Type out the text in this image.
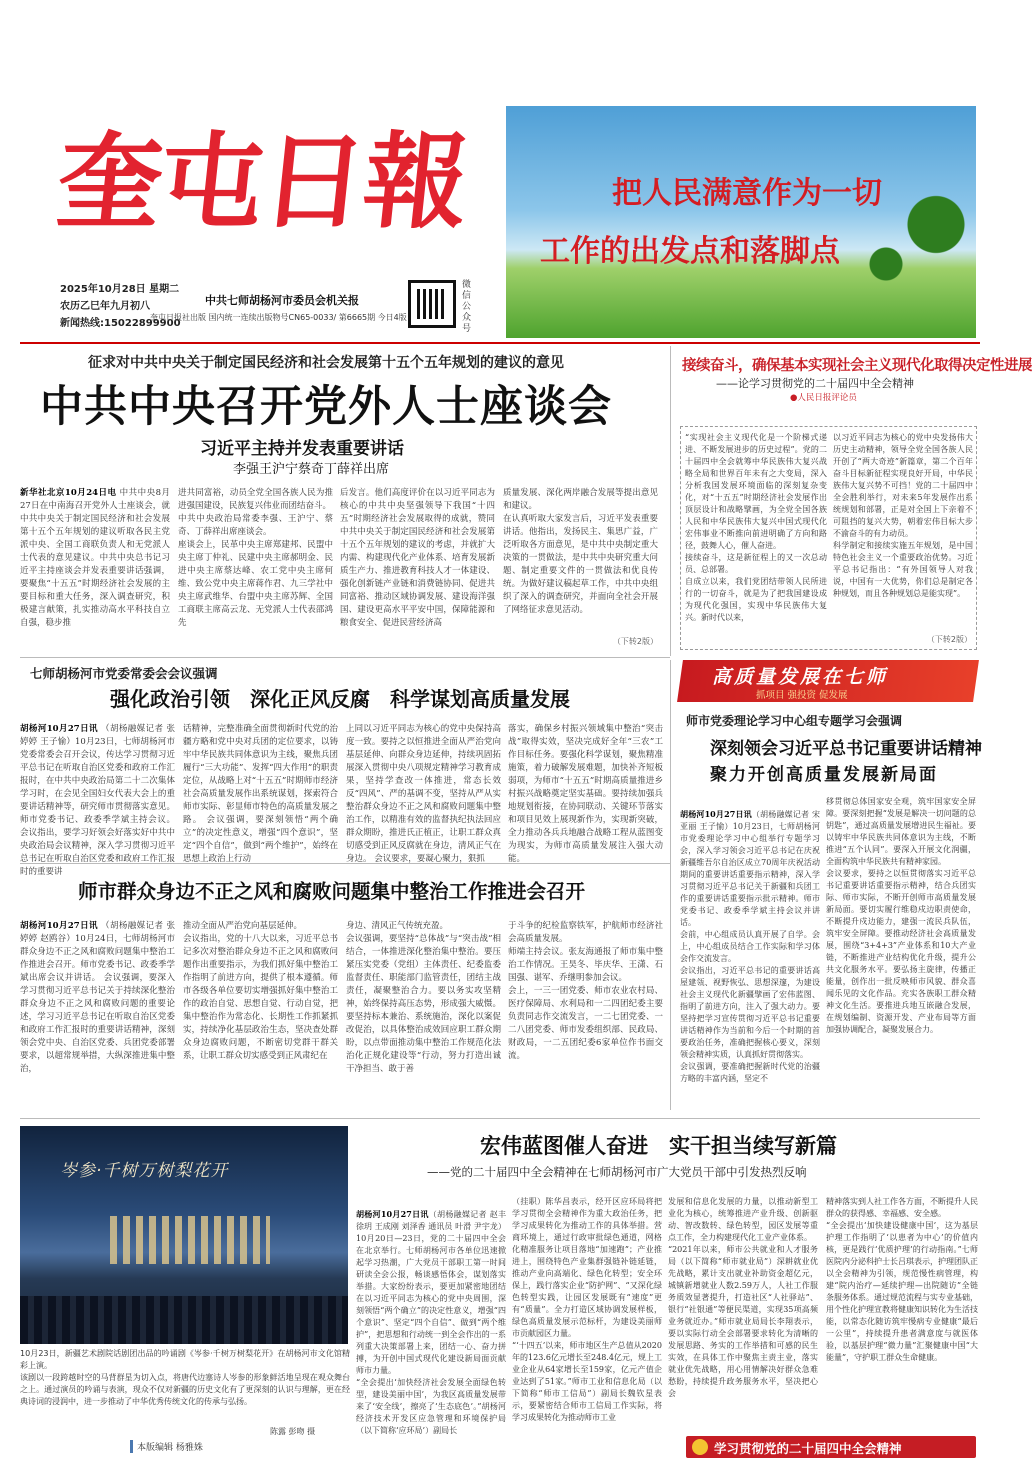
奎屯日報
2025年10月28日 星期二
农历乙巳年九月初八
新闻热线:15022899900
中共七师胡杨河市委员会机关报
奎屯日报社出版 国内统一连续出版物号CN65-0033/ 第6665期 今日4版
微信公众号
把人民满意作为一切
工作的出发点和落脚点
征求对中共中央关于制定国民经济和社会发展第十五个五年规划的建议的意见
中共中央召开党外人士座谈会
习近平主持并发表重要讲话
李强王沪宁蔡奇丁薛祥出席
新华社北京10月24日电 中共中央8月27日在中南海召开党外人士座谈会，就中共中央关于制定国民经济和社会发展第十五个五年规划的建议听取各民主党派中央、全国工商联负责人和无党派人士代表的意见建议。中共中央总书记习近平主持座谈会并发表重要讲话强调，要聚焦“十五五”时期经济社会发展的主要目标和重大任务，深入调查研究，积极建言献策，扎实推动高水平科技自立自强，稳步推
进共同富裕，动员全党全国各族人民为推进强国建设，民族复兴伟业而团结奋斗。
中共中央政治局常委李强、王沪宁、蔡奇、丁薛祥出席座谈会。
座谈会上，民革中央主席郑建邦、民盟中央主席丁仲礼、民建中央主席郝明金、民进中央主席蔡达峰、农工党中央主席何维、致公党中央主席蒋作君、九三学社中央主席武维华、台盟中央主席苏辉、全国工商联主席高云龙、无党派人士代表邵鸿先
后发言。他们高度评价在以习近平同志为核心的中共中央坚强领导下我国“十四五”时期经济社会发展取得的成就，赞同中共中央关于制定国民经济和社会发展第十五个五年规划的建议的考虑，并就扩大内需、构建现代化产业体系、培育发展新质生产力、推进教育科技人才一体建设、强化创新链产业链和消费链协同、促进共同富裕、推动区域协调发展、建设海洋强国、建设更高水平平安中国，保障能源和粮食安全、促进民营经济高
质量发展、深化两岸融合发展等提出意见和建议。
在认真听取大家发言后，习近平发表重要讲话。他指出，发扬民主、集思广益，广泛听取各方面意见，是中共中央制定重大决策的一贯做法，是中共中央研究重大问题、制定重要文件的一贯做法和优良传统。为做好建议稿起草工作，中共中央组织了深入的调查研究，并面向全社会开展了网络征求意见活动。
（下转2版）
接续奋斗，确保基本实现社会主义现代化取得决定性进展
——论学习贯彻党的二十届四中全会精神
●人民日报评论员
“实现社会主义现代化是一个阶梯式递进、不断发展进步的历史过程”。党的二十届四中全会就筹中华民族伟大复兴战略全局和世界百年未有之大变局，深入分析我国发展环境面临的深刻复杂变化，对“十五五”时期经济社会发展作出顶层设计和战略擘画，为全党全国各族人民和中华民族伟大复兴中国式现代化宏伟事业不断推向前进明确了方向和路径，鼓舞人心，催人奋进。
接续奋斗，这是新征程上的又一次总动员、总部署。
自成立以来，我们党团结带领人民所进行的一切奋斗，就是为了把我国建设成为现代化强国，实现中华民族伟大复兴。新时代以来，
以习近平同志为核心的党中央发扬伟大历史主动精神，领导全党全国各族人民开创了“两大奇迹”新篇章，第二个百年奋斗目标新征程实现良好开局，中华民族伟大复兴势不可挡！党的二十届四中全会胜利举行，对未来5年发展作出系统规划和部署，正是对全国上下亲着不可阻挡的复兴大势，朝着宏伟目标大步不渝奋斗的有力动员。
科学制定和接续实施五年规划，是中国特色社会主义一个重要政治优势。习近平总书记指出：“有外国领导人对我说，中国有一大优势，你们总是制定各种规划，而且各种规划总是能实现”。
（下转2版）
七师胡杨河市党委常委会会议强调
强化政治引领　深化正风反腐　科学谋划高质量发展
胡杨河10月27日讯 （胡杨融媒记者 张婷婷 王子愉）10月23日，七师胡杨河市党委常委会召开会议，传达学习贯彻习近平总书记在听取自治区党委和政府工作汇报时，在中共中央政治局第二十二次集体学习时，在会见全国妇女代表大会上的重要讲话精神等，研究师市贯彻落实意见。师市党委书记、政委季学斌主持会议。 会议指出，要学习好领会好落实好中共中央政治局会议精神，深入学习贯彻习近平总书记在听取自治区党委和政府工作汇报时的重要讲
话精神，完整准确全面贯彻新时代党的治疆方略和党中央对兵团的定位要求，以铸牢中华民族共同体意识为主线，聚焦兵团履行“三大功能”、发挥“四大作用”的职责定位，从战略上对“十五五”时期师市经济社会高质量发展作出系统谋划，探索符合师市实际、彰显师市特色的高质量发展之路。 会议强调，要深刻领悟“两个确立”的决定性意义，增强“四个意识”，坚定“四个自信”，做到“两个维护”，始终在思想上政治上行动
上同以习近平同志为核心的党中央保持高度一致。要持之以恒推进全面从严治党向基层延伸、向群众身边延伸，持续巩固拓展深入贯彻中央八项规定精神学习教育成果，坚持学查改一体推进，常态长效反“四风”、严的基调不变，坚持从严从实整治群众身边不正之风和腐败问题集中整治工作，以精准有效的监督执纪执法回应群众期盼，推进氏正植正，让职工群众真切感受到正风反腐就在身边，清风正气在身边。 会议要求，要凝心聚力，狠抓
落实，确保乡村振兴领域集中整治“突击战”取得实效，坚决完成好全年“三农”工作目标任务。要强化科学谋划，聚焦精准施策，着力破解发展难题，加快补齐短板弱项，为师市“十五五”时期高质量推进乡村振兴战略奠定坚实基础。要持续加强兵地规划衔接，在协同联动、关键环节落实和项目见效上展现新作为，实现新突破，全力推动各兵兵地融合战略工程从蓝图变为现实，为师市高质量发展注入强大动能。
师市群众身边不正之风和腐败问题集中整治工作推进会召开
胡杨河10月27日讯 （胡杨融媒记者 张婷婷 赵鸥谷）10月24日，七师胡杨河市群众身边不正之风和腐败问题集中整治工作推进会召开。师市党委书记、政委季学斌出席会议并讲话。 会议强调，要深入学习贯彻习近平总书记关于持续深化整治群众身边不正之风和腐败问题的重要论述，学习习近平总书记在听取自治区党委和政府工作汇报时的重要讲话精神，深刻领会党中央、自治区党委、兵团党委部署要求，以超常规举措，大纵深推进集中整治，
推动全面从严治党向基层延伸。
会议指出，党的十八大以来，习近平总书记多次对整治群众身边不正之风和腐败问题作出重要指示，为我们抓好集中整治工作指明了前进方向，提供了根本遵循。师市各级各单位要切实增强抓好集中整治工作的政治自觉、思想自觉、行动自觉，把集中整治作为常态化、长期性工作抓紧抓实，持续净化基层政治生态，坚决查处群众身边腐败问题，不断密切党群干群关系，让职工群众切实感受到正风肃纪在
身边、清风正气传统充盈。
会议强调，要坚持“总体战”与“突击战”相结合，一体推进深化整治集中整治。要压紧压实党委（党组）主体责任、纪委监委监督责任、职能部门监管责任，团结主战责任，凝聚整治合力。要以务实攻坚精神，始终保持高压态势，形成强大威慑。要坚持标本兼治、系统施治，深化以案促改促治，以具体整治成效回应职工群众期盼，以点带面推动集中整治工作规范化法治化正规化建设等“行动，努力打造出诚干净担当、敢于善
于斗争的纪检监察铁军，护航师市经济社会高质量发展。
师端主持会议。张友海通报了师市集中整治工作情况。王昊冬、毕庆华、王潇、石国强、谌军、乔继明参加会议。
会上，一三一团党委、师市农业农村局、医疗保障局、水利局和一二四团纪委主要负责同志作交流发言，一二七团党委、一二八团党委、师市发委组织部、民政局、财政局，一二五团纪委6家单位作书面交流。
高质量发展在七师
抓项目 强投资 促发展
师市党委理论学习中心组专题学习会强调
深刻领会习近平总书记重要讲话精神
聚力开创高质量发展新局面

胡杨河10月27日讯（胡杨融媒记者 宋亚丽 王子愉）10月23日，七师胡杨河市党委理论学习中心组举行专题学习会，深入学习领会习近平总书记在庆祝新疆维吾尔自治区成立70周年庆祝活动期间的重要讲话重要指示精神，深入学习贯彻习近平总书记关于新疆和兵团工作的重要讲话重要指示批示精神。师市党委书记、政委季学斌主持会议并讲话。
会前，中心组成员认真开展了自学。会上，中心组成员结合工作实际和学习体会作交流发言。
会议指出，习近平总书记的重要讲话高屋建瓴、视野恢弘、思想深邃，为建设社会主义现代化新疆擘画了宏伟蓝图、指明了前进方向，注入了强大动力。要坚持把学习宣传贯彻习近平总书记重要讲话精神作为当前和今后一个时期的首要政治任务，准确把握核心要义，深刻领会精神实质，认真抓好贯彻落实。
会议强调，要准确把握新时代党的治疆方略的丰富内涵，坚定不

移贯彻总体国家安全观，筑牢国家安全屏障。要深刻把握“发展是解决一切问题的总钥匙”，通过高质量发展增进民生福祉。要以铸牢中华民族共同体意识为主线，不断推进“五个认同”。要深入开展文化润疆，全面构筑中华民族共有精神家园。
会议要求，要持之以恒贯彻落实习近平总书记重要讲话重要指示精神，结合兵团实际、师市实际，不断开创师市高质量发展新局面。要切实履行维稳戍边职责使命，不断提升戍边能力，建强一流民兵队伍，筑牢安全屏障。要推动经济社会高质量发展，围绕“3+4+3”产业体系和10大产业链，不断推进产业结构优化升级，提升公共文化服务水平。要弘扬主旋律，传播正能量，创作出一批反映师市风貌、群众喜闻乐见的文化作品。充实各族职工群众精神文化生活。要推进兵地互嵌融合发展，在规划编制、资源开发、产业布局等方面加强协调配合，凝聚发展合力。
岑参·千树万树梨花开
10月23日，新疆艺术剧院话剧团出品的吟诵剧《岑参·千树万树梨花开》在胡杨河市文化馆精彩上演。
该剧以一段跨越时空的马背群星为切入点，将唐代边塞诗人岑参的形象鲜活地呈现在观众舞台之上。通过演员的吟诵与表演，现众不仅对新疆的历史文化有了更深刻的认识与理解，更在经典诗词的浸润中，进一步推动了中华优秀传统文化的传承与弘扬。
陈露 彭吻 摄
本版编辑 杨雅姝
宏伟蓝图催人奋进　实干担当续写新篇
——党的二十届四中全会精神在七师胡杨河市广大党员干部中引发热烈反响

胡杨河10月27日讯（胡杨融媒记者 赵丰 徐玥 王成刚 刘泽香 通讯员 叶滑 尹宇龙）10月20日—23日，党的二十届四中全会在北京举行。七师胡杨河市各单位迅速掀起学习热潮，广大党员干部职工第一时间研读全会公报，畅谈感悟体会，谋划落实举措。大家纷纷表示，要更加紧密地团结在以习近平同志为核心的党中央周围，深刻领悟“两个确立”的决定性意义，增强“四个意识”、坚定“四个自信”、做到“两个维护”，把思想和行动统一到全会作出的一系列重大决策部署上来，团结一心、奋力拼搏，为开创中国式现代化建设新局面贡献师市力量。
“全会提出‘加快经济社会发展全面绿色转型，建设美丽中国’，为我区高质量发展带来了‘安全线’，擦亮了‘生态底色’。”胡杨河经济技术开发区应急管理和环境保护局（以下简称‘应环局’）副局长

（挂职）陈华昌表示，经开区应环局将把学习贯彻全会精神作为重大政治任务，把学习成果转化为推动工作的具体举措。营商环境上，通过行政审批绿色通道，网格化精准服务让项目落地“加速跑”；产业推进上，围绕特色产业集群强链补链延链，推动产业向高端化、绿色化转型；安全环保上，践行落实企业“防护网”、“又深化绿色转型实践，让园区发展既有“速度”更有“质量”。全力打造区域协调发展样板，绿色高质量发展示范标杆，为建设美丽师市贡献园区力量。
“‘十四五’以来，师市地区生产总值从2020年的123.6亿元增长至248.4亿元，规上工业企业从64家增长至159家，亿元产值企业达到了51家。”师市工业和信息化局（以下简称“师市工信局”）副局长魏钦星表示，要紧密结合师市工信局工作实际，将学习成果转化为推动师市工业
发展和信息化发展的力量，以推动新型工业化为核心，统筹推进产业升级、创新驱动、智改数转、绿色转型，园区发展等重点工作，全力构建现代化工业产业体系。
“2021年以来，师市公共就业和人才服务局（以下简称“师市就业局”）深耕就业优先战略，累计支出就业补助资金超亿元，城镇新增就业人数2.59万人，人社工作服务质效显著提升，打造社区“人社驿站”、银行“社银通”等便民渠道，实现35项高频业务就近办。”师市就业局局长李翔表示，要以实际行动全会部署要求转化为清晰的发展思路、务实的工作举措和可感的民生实效，在具体工作中聚焦主责主业，落实就业优先战略，用心用情解决好群众急难愁盼，持续提升政务服务水平，坚决把心会
精神落实到人社工作各方面，不断提升人民群众的获得感、幸福感、安全感。
“全会提出‘加快建设健康中国’，这为基层护理工作指明了‘以患者为中心’的价值内核，更是践行‘优质护理’的行动指南。”七师医院内分泌科护士长吕琪表示，护理团队正以全会精神为引领，规范慢性病管理，构建“院内治疗—延续护理—出院随访”全链条服务体系。通过规范流程与实专业基础，用个性化护理宣教将健康知识转化为生活技能，以常态化随访筑牢慢病专业健康“最后一公里”，持续提升患者满意度与就医体验，以基层护理“微力量”汇聚健康中国“大能量”，守护职工群众生命健康。
学习贯彻党的二十届四中全会精神
